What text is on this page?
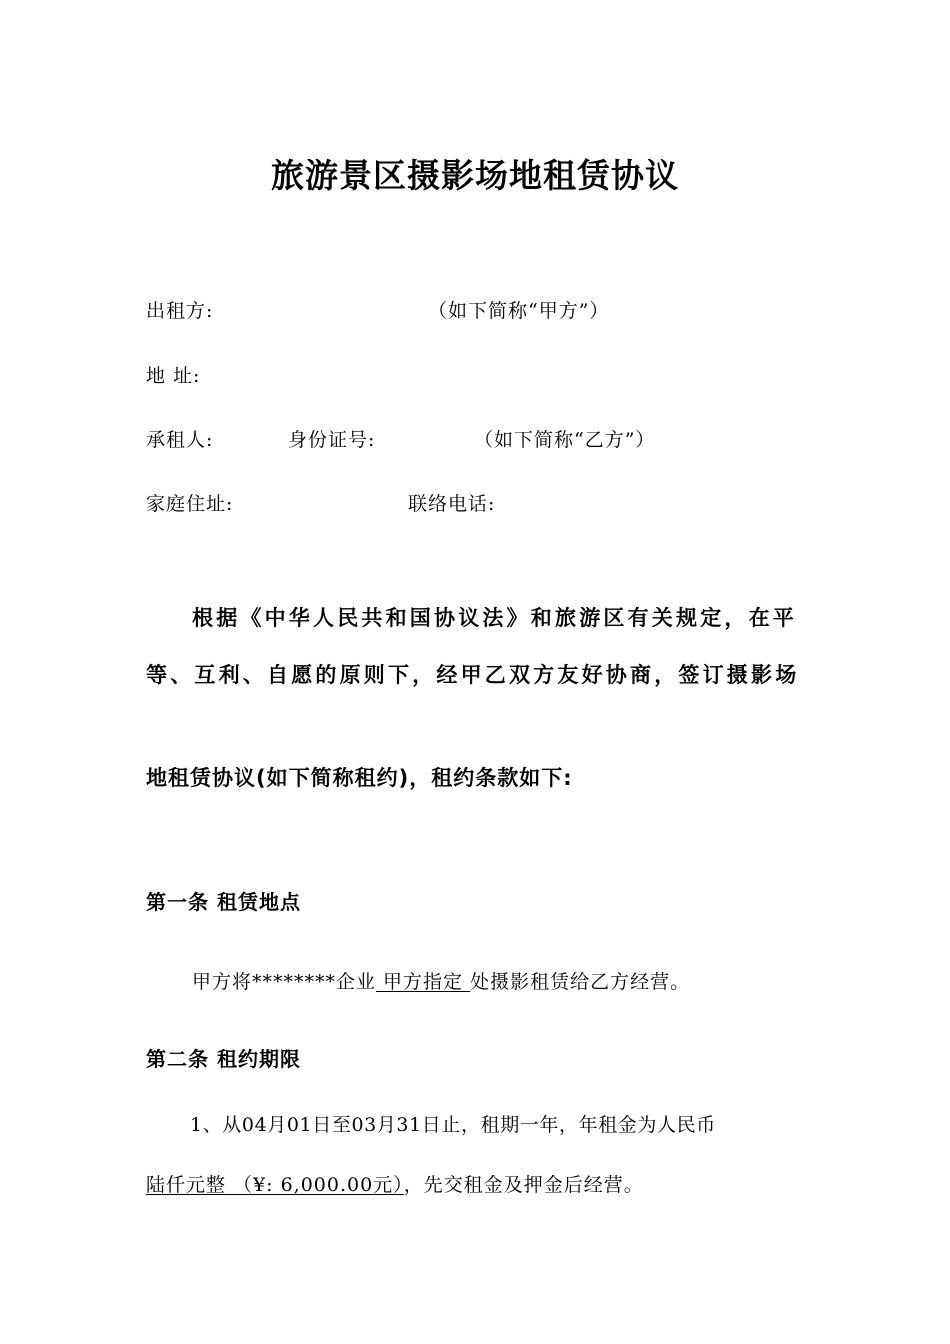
旅游景区摄影场地租赁协议
出租方:	（如下简称“甲方”）
地 址:
承租人:	身份证号:	（如下简称“乙方”）
家庭住址:	联络电话:
根据《中华人民共和国协议法》和旅游区有关规定，在平
等、互利、自愿的原则下，经甲乙双方友好协商，签订摄影场
地租赁协议(如下简称租约)，租约条款如下:
第一条 租赁地点
甲方将********企业 甲方指定 处摄影租赁给乙方经营。
第二条 租约期限
1、从04月01日至03月31日止，租期一年，年租金为人民币
陆仟元整 （¥: 6,000.00元），先交租金及押金后经营。
